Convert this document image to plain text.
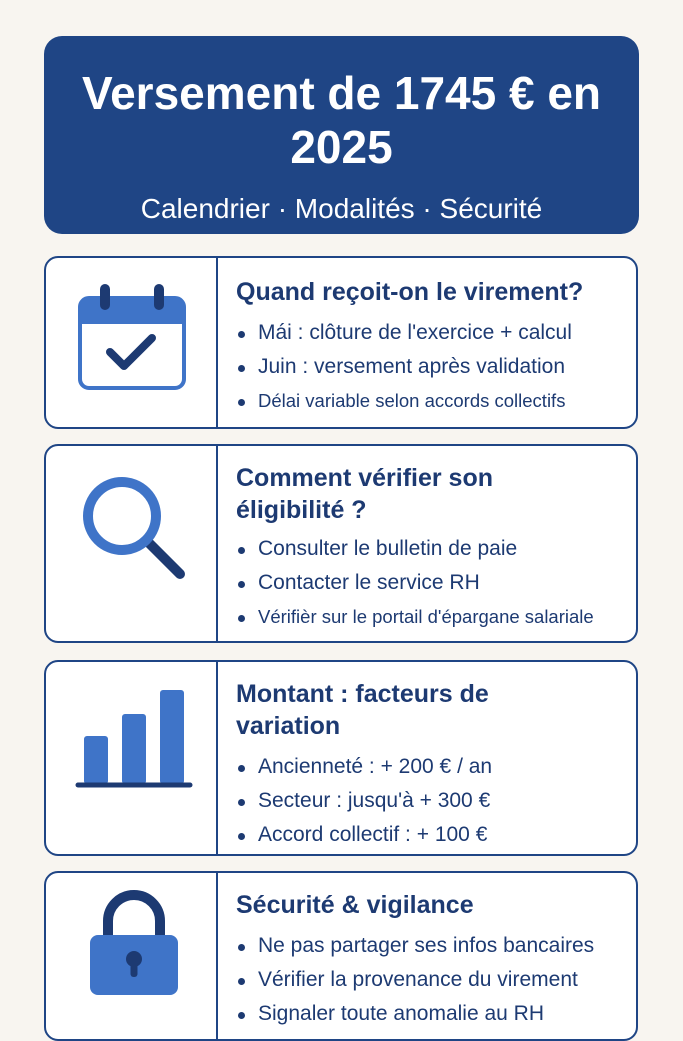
Versement de 1745 € en 2025
Calendrier · Modalités · Sécurité
Quand reçoit-on le virement?
Mái : clôture de l'exercice + calcul
Juin : versement après validation
Délai variable selon accords collectifs
Comment vérifier son éligibilité ?
Consulter le bulletin de paie
Contacter le service RH
Vérifièr sur le portail d'épargane salariale
Montant : facteurs de variation
Ancienneté : + 200 € / an
Secteur : jusqu'à + 300 €
Accord collectif : + 100 €
Sécurité & vigilance
Ne pas partager ses infos bancaires
Vérifier la provenance du virement
Signaler toute anomalie au RH
